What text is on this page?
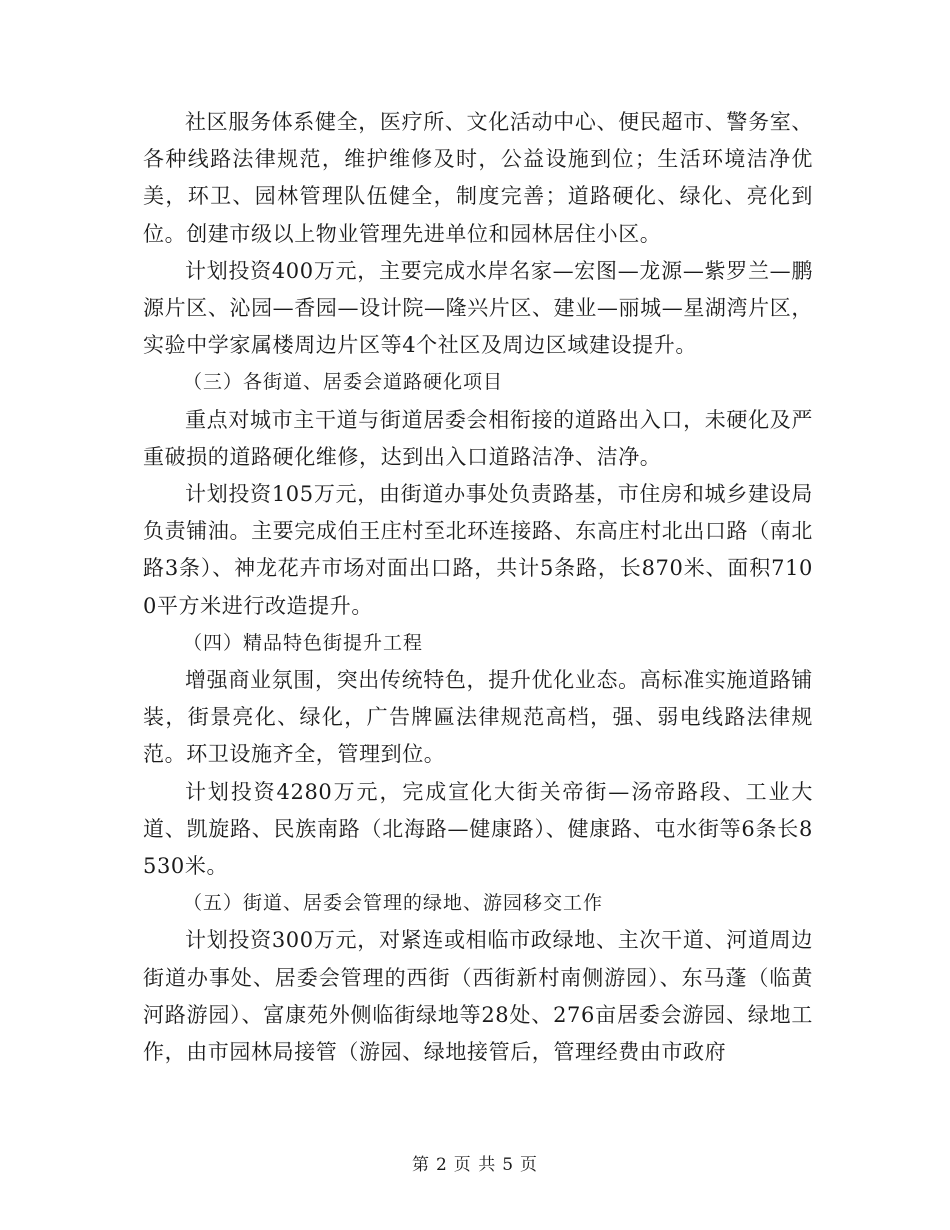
社区服务体系健全，医疗所、文化活动中心、便民超市、警务室、各种线路法律规范，维护维修及时，公益设施到位；生活环境洁净优美，环卫、园林管理队伍健全，制度完善；道路硬化、绿化、亮化到位。创建市级以上物业管理先进单位和园林居住小区。

计划投资400万元，主要完成水岸名家—宏图—龙源—紫罗兰—鹏源片区、沁园—香园—设计院—隆兴片区、建业—丽城—星湖湾片区，实验中学家属楼周边片区等4个社区及周边区域建设提升。

（三）各街道、居委会道路硬化项目

重点对城市主干道与街道居委会相衔接的道路出入口，未硬化及严重破损的道路硬化维修，达到出入口道路洁净、洁净。

计划投资105万元，由街道办事处负责路基，市住房和城乡建设局负责铺油。主要完成伯王庄村至北环连接路、东高庄村北出口路（南北路3条）、神龙花卉市场对面出口路，共计5条路，长870米、面积7100平方米进行改造提升。

（四）精品特色街提升工程

增强商业氛围，突出传统特色，提升优化业态。高标准实施道路铺装，街景亮化、绿化，广告牌匾法律规范高档，强、弱电线路法律规范。环卫设施齐全，管理到位。

计划投资4280万元，完成宣化大街关帝街—汤帝路段、工业大道、凯旋路、民族南路（北海路—健康路）、健康路、屯水街等6条长8530米。

（五）街道、居委会管理的绿地、游园移交工作

计划投资300万元，对紧连或相临市政绿地、主次干道、河道周边街道办事处、居委会管理的西街（西街新村南侧游园）、东马蓬（临黄河路游园）、富康苑外侧临街绿地等28处、276亩居委会游园、绿地工作，由市园林局接管（游园、绿地接管后，管理经费由市政府

第 2 页 共 5 页
